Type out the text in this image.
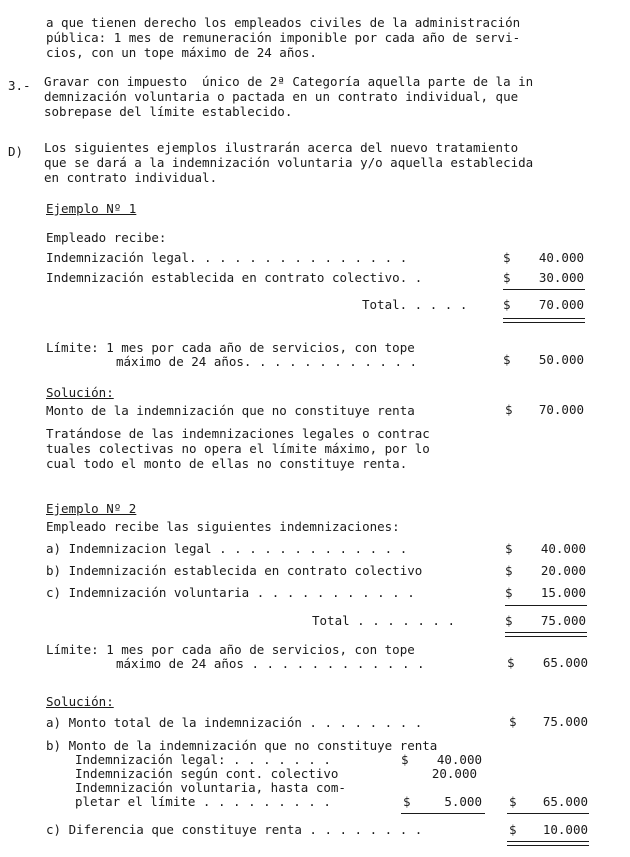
a que tienen derecho los empleados civiles de la administración
pública: 1 mes de remuneración imponible por cada año de servi-
cios, con un tope máximo de 24 años.
3.- Gravar con impuesto  único de 2ª Categoría aquella parte de la in
demnización voluntaria o pactada en un contrato individual, que
sobrepase del límite establecido.
D) Los siguientes ejemplos ilustrarán acerca del nuevo tratamiento
que se dará a la indemnización voluntaria y/o aquella establecida
en contrato individual.
Ejemplo Nº 1
Empleado recibe:
Indemnización legal. . . . . . . . . . . . . . .	$	40.000
Indemnización establecida en contrato colectivo. .	$	30.000
Total. . . . .	$	70.000
Límite: 1 mes por cada año de servicios, con tope
máximo de 24 años. . . . . . . . . . . .	$	50.000
Solución:
Monto de la indemnización que no constituye renta	$	70.000
Tratándose de las indemnizaciones legales o contrac
tuales colectivas no opera el límite máximo, por lo
cual todo el monto de ellas no constituye renta.
Ejemplo Nº 2
Empleado recibe las siguientes indemnizaciones:
a) Indemnizacion legal . . . . . . . . . . . . .	$	40.000
b) Indemnización establecida en contrato colectivo	$	20.000
c) Indemnización voluntaria . . . . . . . . . . .	$	15.000
Total . . . . . . .	$	75.000
Límite: 1 mes por cada año de servicios, con tope
máximo de 24 años . . . . . . . . . . . .	$	65.000
Solución:
a) Monto total de la indemnización . . . . . . . .	$	75.000
b) Monto de la indemnización que no constituye renta
Indemnización legal: . . . . . . .	$	40.000
Indemnización según cont. colectivo	20.000
Indemnización voluntaria, hasta com-
pletar el límite . . . . . . . . .	$	5.000 $	65.000
c) Diferencia que constituye renta . . . . . . . .	$	10.000
